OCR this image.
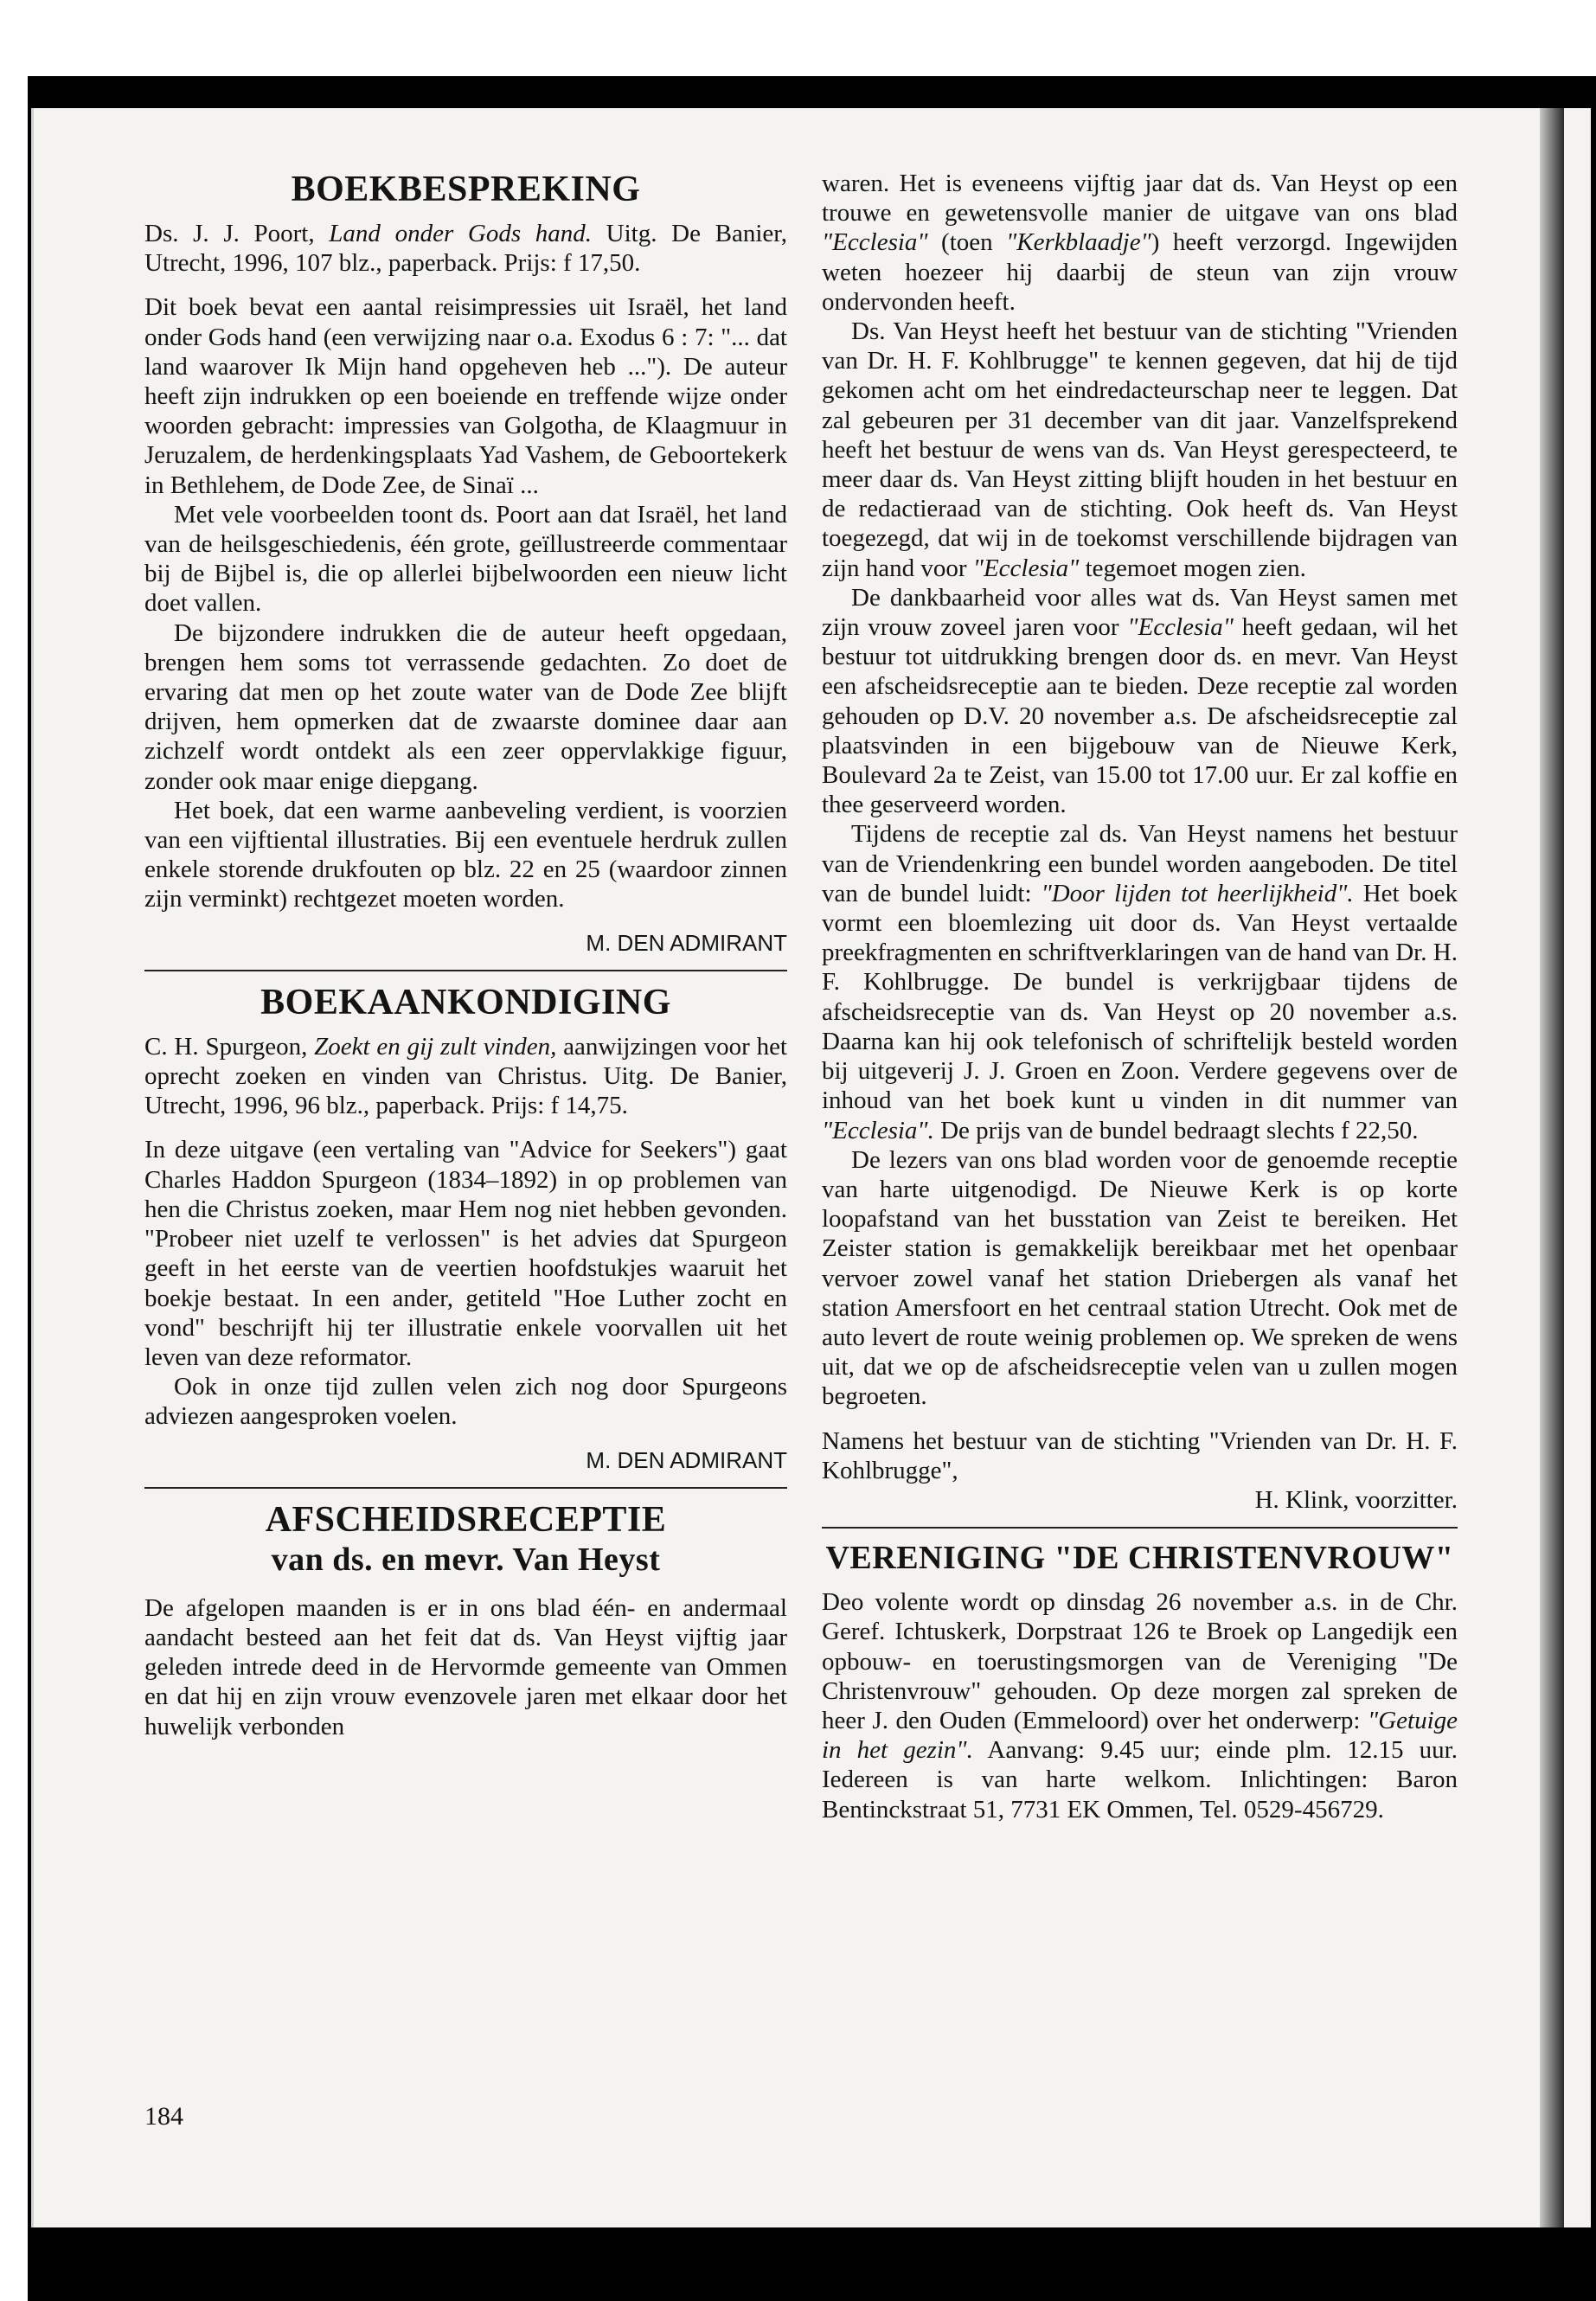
BOEKBESPREKING

Ds. J. J. Poort, Land onder Gods hand. Uitg. De Banier, Utrecht, 1996, 107 blz., paperback. Prijs: f 17,50.

Dit boek bevat een aantal reisimpressies uit Israël, het land onder Gods hand (een verwijzing naar o.a. Exodus 6 : 7: "... dat land waarover Ik Mijn hand opgeheven heb ..."). De auteur heeft zijn indrukken op een boeiende en treffende wijze onder woorden gebracht: impressies van Golgotha, de Klaagmuur in Jeruzalem, de herdenkingsplaats Yad Vashem, de Geboortekerk in Bethlehem, de Dode Zee, de Sinaï ...

Met vele voorbeelden toont ds. Poort aan dat Israël, het land van de heilsgeschiedenis, één grote, geïllustreerde commentaar bij de Bijbel is, die op allerlei bijbelwoorden een nieuw licht doet vallen.

De bijzondere indrukken die de auteur heeft opgedaan, brengen hem soms tot verrassende gedachten. Zo doet de ervaring dat men op het zoute water van de Dode Zee blijft drijven, hem opmerken dat de zwaarste dominee daar aan zichzelf wordt ontdekt als een zeer oppervlakkige figuur, zonder ook maar enige diepgang.

Het boek, dat een warme aanbeveling verdient, is voorzien van een vijftiental illustraties. Bij een eventuele herdruk zullen enkele storende drukfouten op blz. 22 en 25 (waardoor zinnen zijn verminkt) rechtgezet moeten worden.

M. DEN ADMIRANT

BOEKAANKONDIGING

C. H. Spurgeon, Zoekt en gij zult vinden, aanwijzingen voor het oprecht zoeken en vinden van Christus. Uitg. De Banier, Utrecht, 1996, 96 blz., paperback. Prijs: f 14,75.

In deze uitgave (een vertaling van "Advice for Seekers") gaat Charles Haddon Spurgeon (1834–1892) in op problemen van hen die Christus zoeken, maar Hem nog niet hebben gevonden. "Probeer niet uzelf te verlossen" is het advies dat Spurgeon geeft in het eerste van de veertien hoofdstukjes waaruit het boekje bestaat. In een ander, getiteld "Hoe Luther zocht en vond" beschrijft hij ter illustratie enkele voorvallen uit het leven van deze reformator.

Ook in onze tijd zullen velen zich nog door Spurgeons adviezen aangesproken voelen.

M. DEN ADMIRANT

AFSCHEIDSRECEPTIE
van ds. en mevr. Van Heyst

De afgelopen maanden is er in ons blad één- en andermaal aandacht besteed aan het feit dat ds. Van Heyst vijftig jaar geleden intrede deed in de Hervormde gemeente van Ommen en dat hij en zijn vrouw evenzovele jaren met elkaar door het huwelijk verbonden

184

waren. Het is eveneens vijftig jaar dat ds. Van Heyst op een trouwe en gewetensvolle manier de uitgave van ons blad "Ecclesia" (toen "Kerkblaadje") heeft verzorgd. Ingewijden weten hoezeer hij daarbij de steun van zijn vrouw ondervonden heeft.

Ds. Van Heyst heeft het bestuur van de stichting "Vrienden van Dr. H. F. Kohlbrugge" te kennen gegeven, dat hij de tijd gekomen acht om het eindredacteurschap neer te leggen. Dat zal gebeuren per 31 december van dit jaar. Vanzelfsprekend heeft het bestuur de wens van ds. Van Heyst gerespecteerd, te meer daar ds. Van Heyst zitting blijft houden in het bestuur en de redactieraad van de stichting. Ook heeft ds. Van Heyst toegezegd, dat wij in de toekomst verschillende bijdragen van zijn hand voor "Ecclesia" tegemoet mogen zien.

De dankbaarheid voor alles wat ds. Van Heyst samen met zijn vrouw zoveel jaren voor "Ecclesia" heeft gedaan, wil het bestuur tot uitdrukking brengen door ds. en mevr. Van Heyst een afscheidsreceptie aan te bieden. Deze receptie zal worden gehouden op D.V. 20 november a.s. De afscheidsreceptie zal plaatsvinden in een bijgebouw van de Nieuwe Kerk, Boulevard 2a te Zeist, van 15.00 tot 17.00 uur. Er zal koffie en thee geserveerd worden.

Tijdens de receptie zal ds. Van Heyst namens het bestuur van de Vriendenkring een bundel worden aangeboden. De titel van de bundel luidt: "Door lijden tot heerlijkheid". Het boek vormt een bloemlezing uit door ds. Van Heyst vertaalde preekfragmenten en schriftverklaringen van de hand van Dr. H. F. Kohlbrugge. De bundel is verkrijgbaar tijdens de afscheidsreceptie van ds. Van Heyst op 20 november a.s. Daarna kan hij ook telefonisch of schriftelijk besteld worden bij uitgeverij J. J. Groen en Zoon. Verdere gegevens over de inhoud van het boek kunt u vinden in dit nummer van "Ecclesia". De prijs van de bundel bedraagt slechts f 22,50.

De lezers van ons blad worden voor de genoemde receptie van harte uitgenodigd. De Nieuwe Kerk is op korte loopafstand van het busstation van Zeist te bereiken. Het Zeister station is gemakkelijk bereikbaar met het openbaar vervoer zowel vanaf het station Driebergen als vanaf het station Amersfoort en het centraal station Utrecht. Ook met de auto levert de route weinig problemen op. We spreken de wens uit, dat we op de afscheidsreceptie velen van u zullen mogen begroeten.

Namens het bestuur van de stichting "Vrienden van Dr. H. F. Kohlbrugge",

H. Klink, voorzitter.

VERENIGING "DE CHRISTENVROUW"

Deo volente wordt op dinsdag 26 november a.s. in de Chr. Geref. Ichtuskerk, Dorpstraat 126 te Broek op Langedijk een opbouw- en toerustingsmorgen van de Vereniging "De Christenvrouw" gehouden. Op deze morgen zal spreken de heer J. den Ouden (Emmeloord) over het onderwerp: "Getuige in het gezin". Aanvang: 9.45 uur; einde plm. 12.15 uur. Iedereen is van harte welkom. Inlichtingen: Baron Bentinckstraat 51, 7731 EK Ommen, Tel. 0529-456729.
